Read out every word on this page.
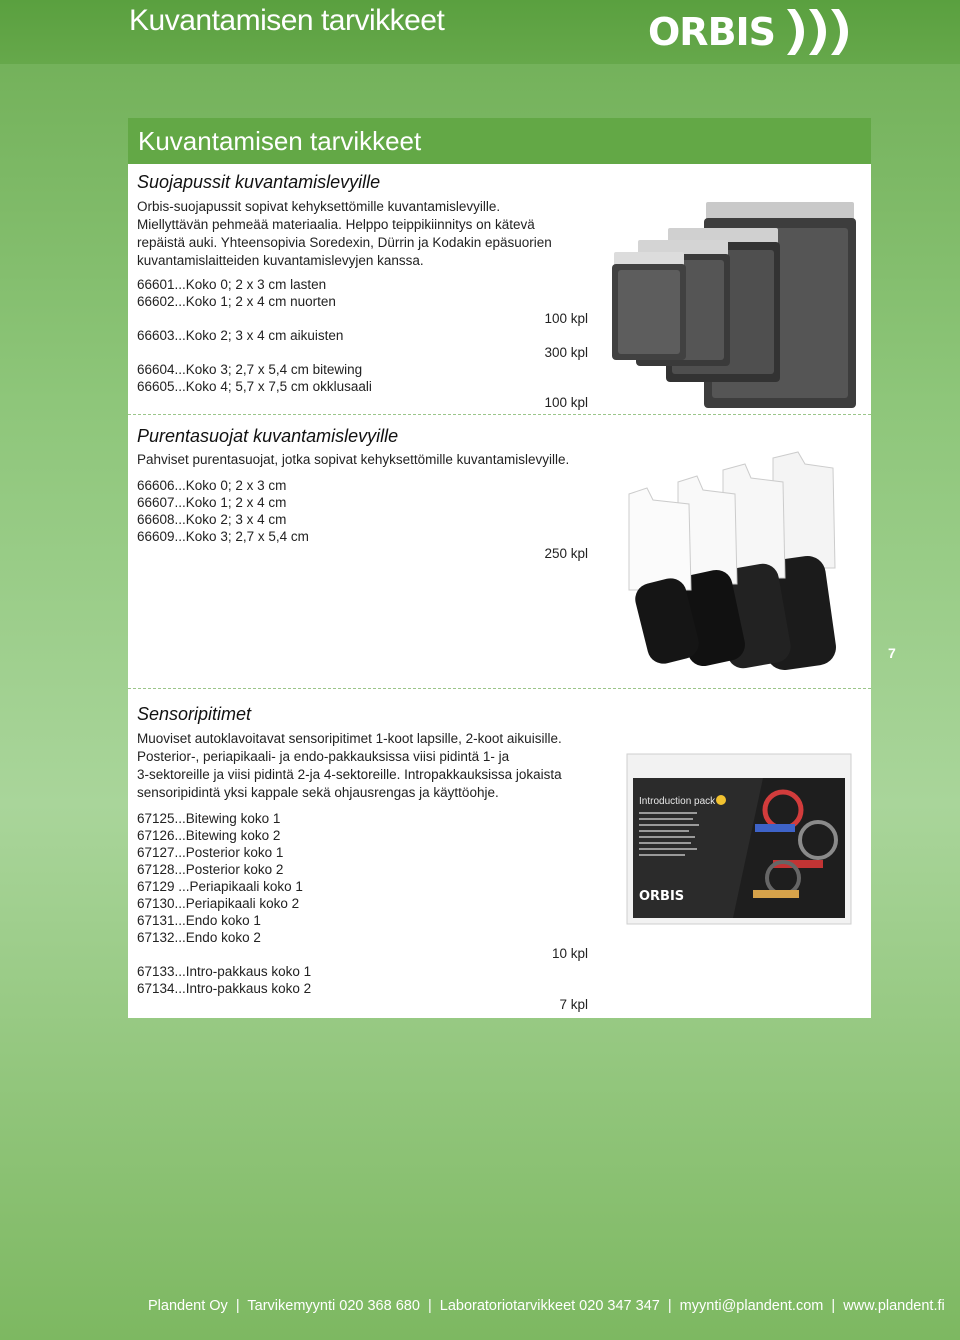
Kuvantamisen tarvikkeet	ORBIS
Kuvantamisen tarvikkeet
Suojapussit kuvantamislevyille
Orbis-suojapussit sopivat kehyksettömille kuvantamislevyille.
Miellyttävän pehmeää materiaalia. Helppo teippikiinnitys on kätevä
repäistä auki. Yhteensopivia Soredexin, Dürrin ja Kodakin epäsuorien
kuvantamislaitteiden kuvantamislevyjen kanssa.
66601...Koko 0; 2 x 3 cm lasten
66602...Koko 1; 2 x 4 cm nuorten
66603...Koko 2; 3 x 4 cm aikuisten
66604...Koko 3; 2,7 x 5,4 cm bitewing
66605...Koko 4; 5,7 x 7,5 cm okklusaali
100 kpl
300 kpl
100 kpl
Purentasuojat kuvantamislevyille
Pahviset purentasuojat, jotka sopivat kehyksettömille kuvantamislevyille.
66606...Koko 0; 2 x 3 cm
66607...Koko 1; 2 x 4 cm
66608...Koko 2; 3 x 4 cm
66609...Koko 3; 2,7 x 5,4 cm
250 kpl
Sensoripitimet
Muoviset autoklavoitavat sensoripitimet 1-koot lapsille, 2-koot aikuisille.
Posterior-, periapikaali- ja endo-pakkauksissa viisi pidintä 1- ja
3-sektoreille ja viisi pidintä 2-ja 4-sektoreille. Intropakkauksissa jokaista
sensoripidintä yksi kappale sekä ohjausrengas ja käyttöohje.
67125...Bitewing koko 1
67126...Bitewing koko 2
67127...Posterior koko 1
67128...Posterior koko 2
67129 ...Periapikaali koko 1
67130...Periapikaali koko 2
67131...Endo koko 1
67132...Endo koko 2
10 kpl
67133...Intro-pakkaus koko 1
67134...Intro-pakkaus koko 2
7 kpl
Introduction pack
ORBIS
7
Plandent Oy | Tarvikemyynti 020 368 680 | Laboratoriotarvikkeet 020 347 347 | myynti@plandent.com | www.plandent.fi
